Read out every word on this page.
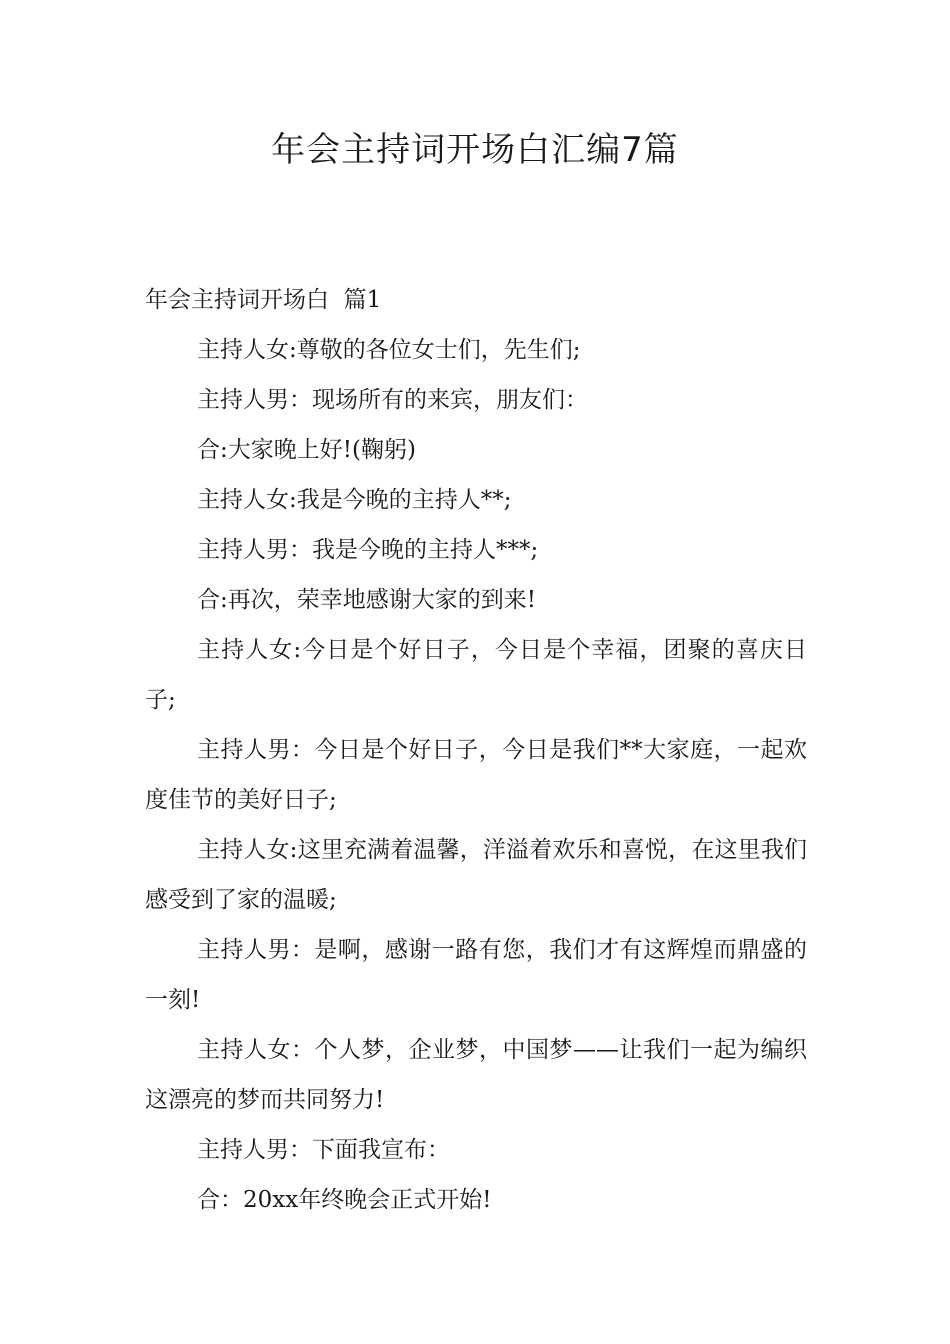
年会主持词开场白汇编7篇

年会主持词开场白  篇1

主持人女:尊敬的各位女士们，先生们;

主持人男：现场所有的来宾，朋友们：

合:大家晚上好!(鞠躬)

主持人女:我是今晚的主持人**;

主持人男：我是今晚的主持人***;

合:再次，荣幸地感谢大家的到来!

主持人女:今日是个好日子，今日是个幸福，团聚的喜庆日子;

主持人男：今日是个好日子，今日是我们**大家庭，一起欢度佳节的美好日子;

主持人女:这里充满着温馨，洋溢着欢乐和喜悦，在这里我们感受到了家的温暖;

主持人男：是啊，感谢一路有您，我们才有这辉煌而鼎盛的一刻!

主持人女：个人梦，企业梦，中国梦——让我们一起为编织这漂亮的梦而共同努力!

主持人男：下面我宣布：

合：20xx年终晚会正式开始!
